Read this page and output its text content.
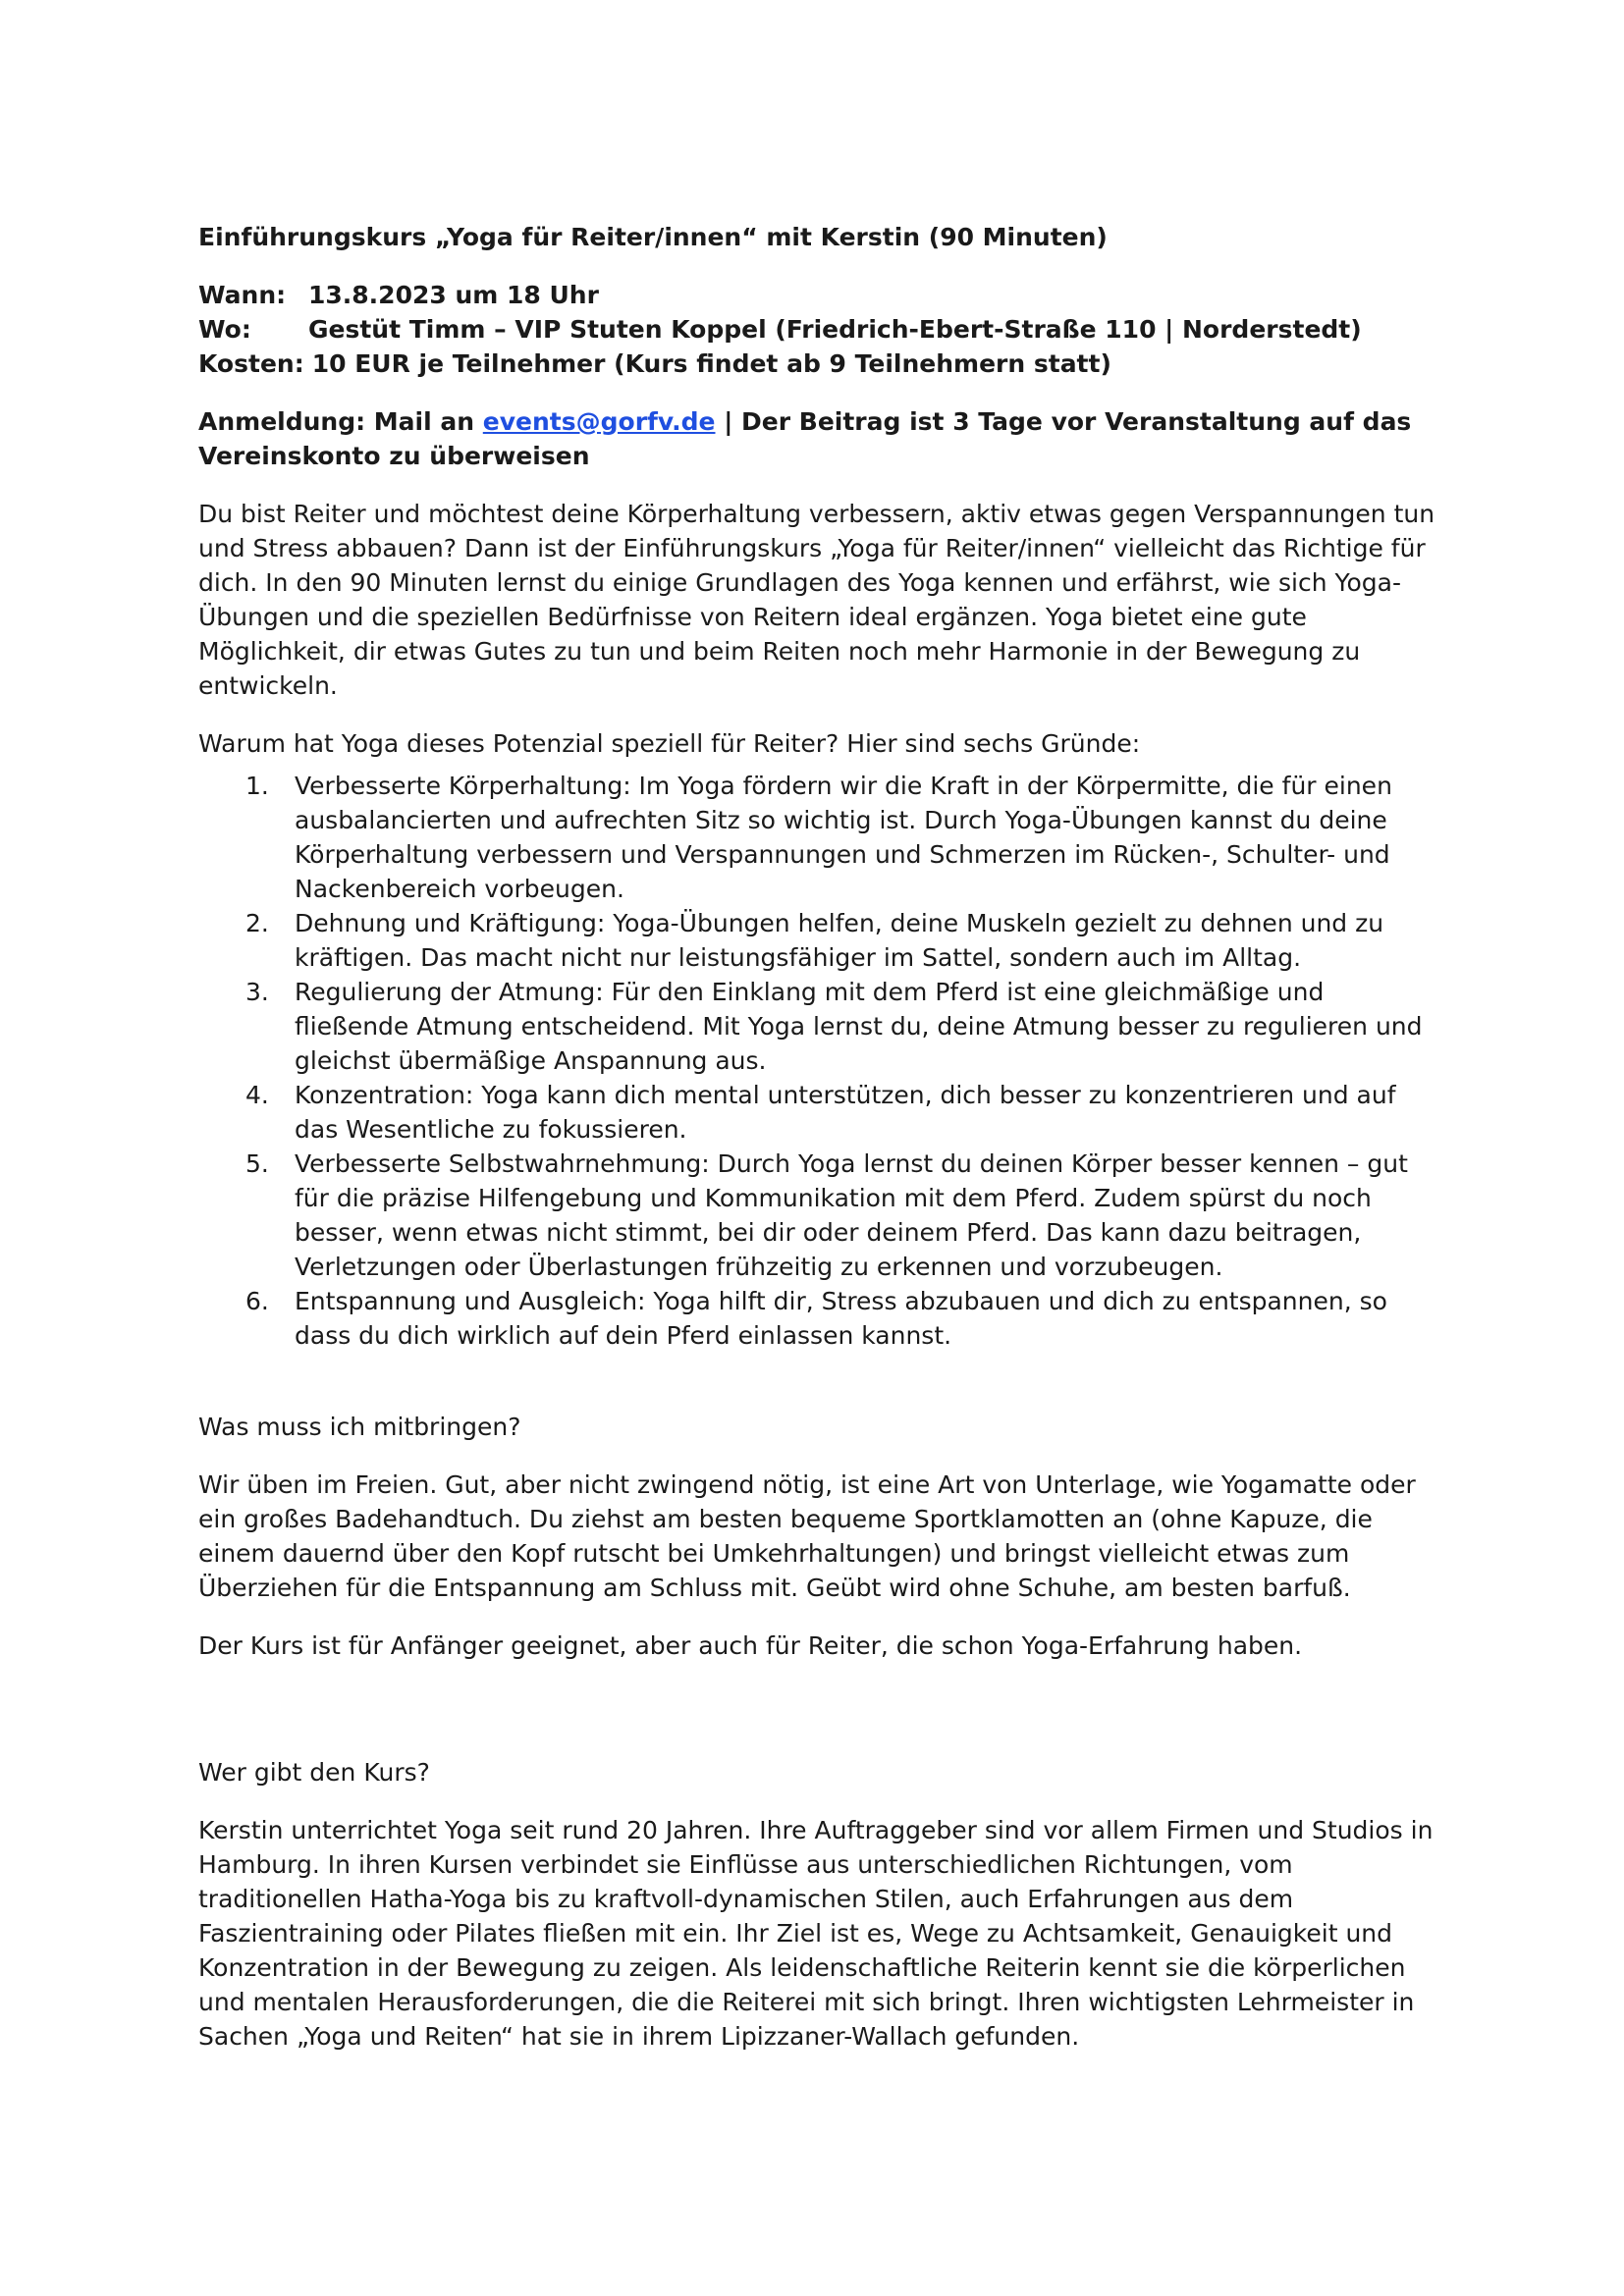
Einführungskurs „Yoga für Reiter/innen“ mit Kerstin (90 Minuten)
Wann: 13.8.2023 um 18 Uhr
Wo:	Gestüt Timm – VIP Stuten Koppel (Friedrich-Ebert-Straße 110 | Norderstedt)
Kosten: 10 EUR je Teilnehmer (Kurs findet ab 9 Teilnehmern statt)
Anmeldung: Mail an events@gorfv.de | Der Beitrag ist 3 Tage vor Veranstaltung auf das Vereinskonto zu überweisen

Du bist Reiter und möchtest deine Körperhaltung verbessern, aktiv etwas gegen Verspannungen tun und Stress abbauen? Dann ist der Einführungskurs „Yoga für Reiter/innen“ vielleicht das Richtige für dich. In den 90 Minuten lernst du einige Grundlagen des Yoga kennen und erfährst, wie sich Yoga-Übungen und die speziellen Bedürfnisse von Reitern ideal ergänzen. Yoga bietet eine gute Möglichkeit, dir etwas Gutes zu tun und beim Reiten noch mehr Harmonie in der Bewegung zu entwickeln.

Warum hat Yoga dieses Potenzial speziell für Reiter? Hier sind sechs Gründe:

1.	Verbesserte Körperhaltung: Im Yoga fördern wir die Kraft in der Körpermitte, die für einen ausbalancierten und aufrechten Sitz so wichtig ist. Durch Yoga-Übungen kannst du deine Körperhaltung verbessern und Verspannungen und Schmerzen im Rücken-, Schulter- und Nackenbereich vorbeugen.
2.	Dehnung und Kräftigung: Yoga-Übungen helfen, deine Muskeln gezielt zu dehnen und zu kräftigen. Das macht nicht nur leistungsfähiger im Sattel, sondern auch im Alltag.
3.	Regulierung der Atmung: Für den Einklang mit dem Pferd ist eine gleichmäßige und fließende Atmung entscheidend. Mit Yoga lernst du, deine Atmung besser zu regulieren und gleichst übermäßige Anspannung aus.
4.	Konzentration: Yoga kann dich mental unterstützen, dich besser zu konzentrieren und auf das Wesentliche zu fokussieren.
5.	Verbesserte Selbstwahrnehmung: Durch Yoga lernst du deinen Körper besser kennen – gut für die präzise Hilfengebung und Kommunikation mit dem Pferd. Zudem spürst du noch besser, wenn etwas nicht stimmt, bei dir oder deinem Pferd. Das kann dazu beitragen, Verletzungen oder Überlastungen frühzeitig zu erkennen und vorzubeugen.
6.	Entspannung und Ausgleich: Yoga hilft dir, Stress abzubauen und dich zu entspannen, so dass du dich wirklich auf dein Pferd einlassen kannst.
Was muss ich mitbringen?

Wir üben im Freien. Gut, aber nicht zwingend nötig, ist eine Art von Unterlage, wie Yogamatte oder ein großes Badehandtuch. Du ziehst am besten bequeme Sportklamotten an (ohne Kapuze, die einem dauernd über den Kopf rutscht bei Umkehrhaltungen) und bringst vielleicht etwas zum Überziehen für die Entspannung am Schluss mit. Geübt wird ohne Schuhe, am besten barfuß.

Der Kurs ist für Anfänger geeignet, aber auch für Reiter, die schon Yoga-Erfahrung haben.

Wer gibt den Kurs?

Kerstin unterrichtet Yoga seit rund 20 Jahren. Ihre Auftraggeber sind vor allem Firmen und Studios in Hamburg. In ihren Kursen verbindet sie Einflüsse aus unterschiedlichen Richtungen, vom traditionellen Hatha-Yoga bis zu kraftvoll-dynamischen Stilen, auch Erfahrungen aus dem Faszientraining oder Pilates fließen mit ein. Ihr Ziel ist es, Wege zu Achtsamkeit, Genauigkeit und Konzentration in der Bewegung zu zeigen. Als leidenschaftliche Reiterin kennt sie die körperlichen und mentalen Herausforderungen, die die Reiterei mit sich bringt. Ihren wichtigsten Lehrmeister in Sachen „Yoga und Reiten“ hat sie in ihrem Lipizzaner-Wallach gefunden.
